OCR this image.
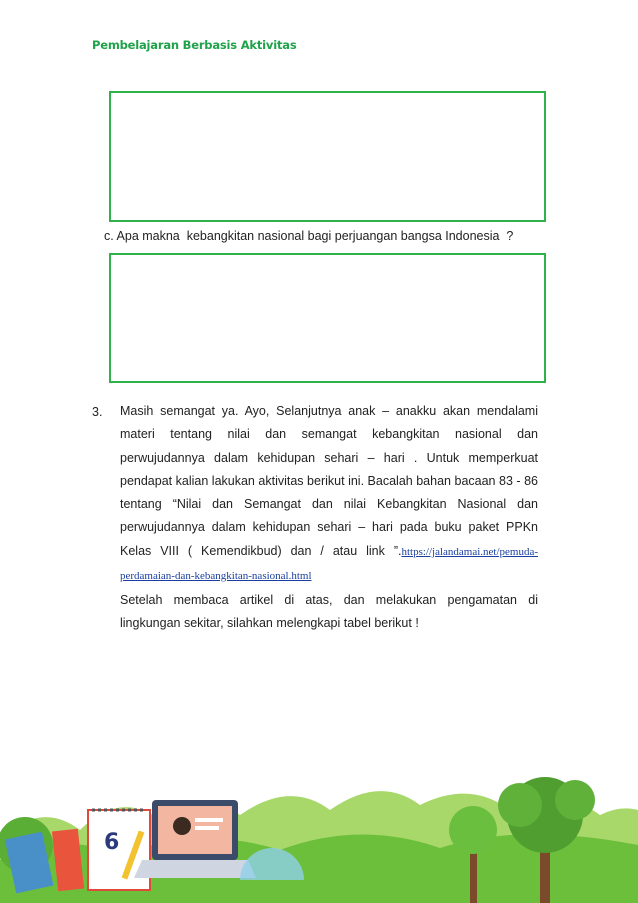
Pembelajaran Berbasis Aktivitas
c. Apa makna  kebangkitan nasional bagi perjuangan bangsa Indonesia  ?
3. Masih semangat ya. Ayo, Selanjutnya anak – anakku akan mendalami materi tentang nilai dan semangat kebangkitan nasional dan perwujudannya dalam kehidupan sehari – hari . Untuk memperkuat pendapat kalian lakukan aktivitas berikut ini. Bacalah bahan bacaan 83 - 86 tentang “Nilai dan Semangat dan nilai Kebangkitan Nasional dan perwujudannya dalam kehidupan sehari – hari pada buku paket PPKn Kelas VIII ( Kemendikbud) dan / atau link ”.https://jalandamai.net/pemuda-perdamaian-dan-kebangkitan-nasional.html
Setelah membaca artikel di atas, dan melakukan pengamatan di lingkungan sekitar, silahkan melengkapi tabel berikut !
6
